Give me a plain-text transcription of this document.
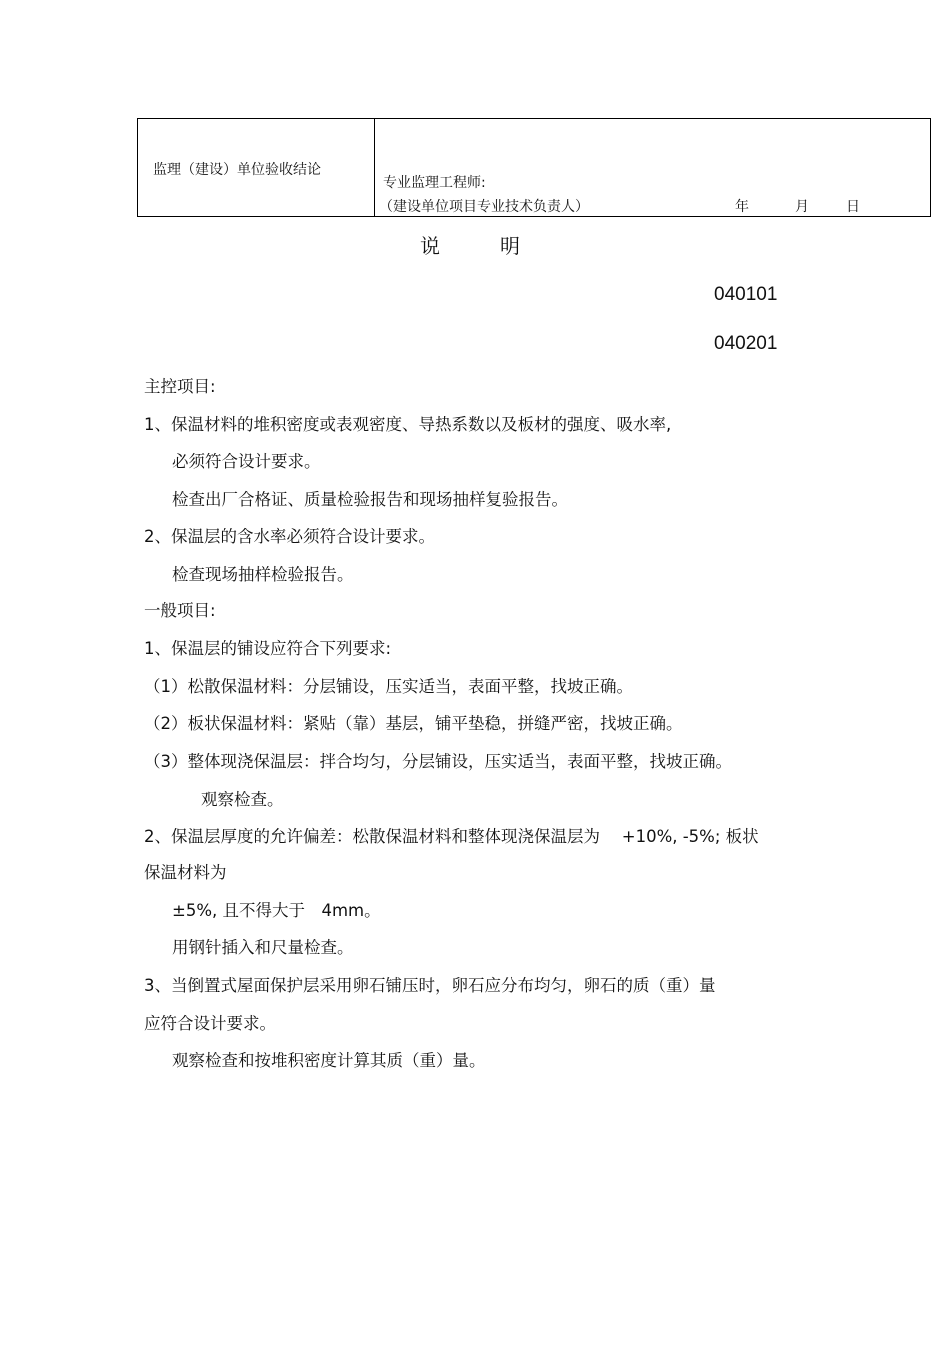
监理（建设）单位验收结论
专业监理工程师:
（建设单位项目专业技术负责人）	年	月	日
说明
040101
040201
主控项目:
1、保温材料的堆积密度或表观密度、导热系数以及板材的强度、吸水率,
必须符合设计要求。
检查出厂合格证、质量检验报告和现场抽样复验报告。
2、保温层的含水率必须符合设计要求。
检查现场抽样检验报告。
一般项目:
1、保温层的铺设应符合下列要求:
（1）松散保温材料：分层铺设，压实适当，表面平整，找坡正确。
（2）板状保温材料：紧贴（靠）基层，铺平垫稳，拼缝严密，找坡正确。
（3）整体现浇保温层：拌合均匀，分层铺设，压实适当，表面平整，找坡正确。
观察检查。
2、保温层厚度的允许偏差：松散保温材料和整体现浇保温层为　 +10%, -5%; 板状
保温材料为
±5%, 且不得大于　4mm。
用钢针插入和尺量检查。
3、当倒置式屋面保护层采用卵石铺压时，卵石应分布均匀，卵石的质（重）量
应符合设计要求。
观察检查和按堆积密度计算其质（重）量。
